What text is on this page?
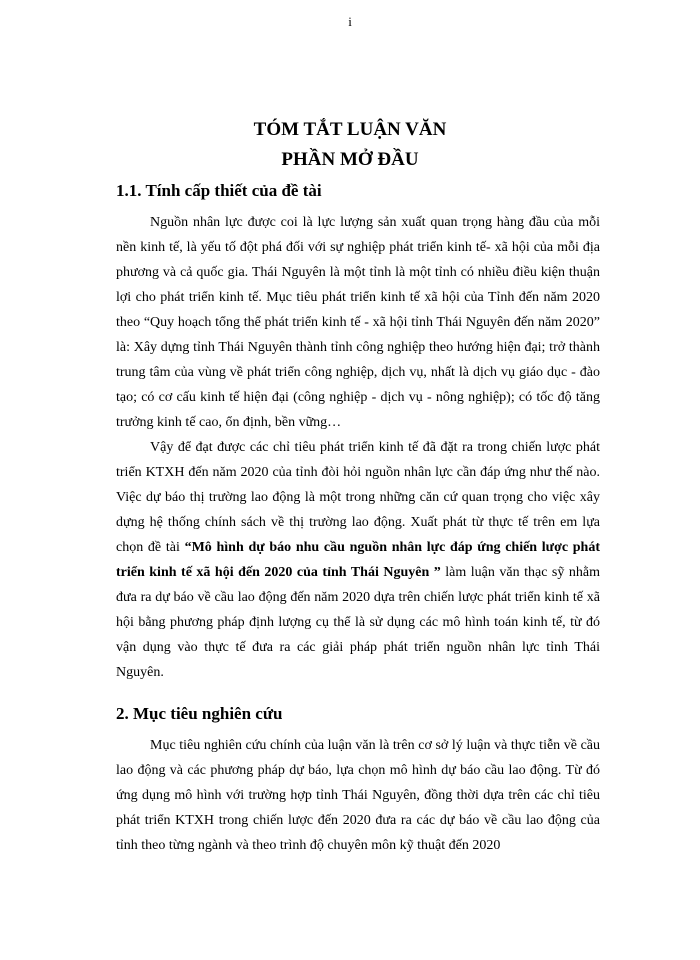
i
TÓM TẮT LUẬN VĂN
PHẦN MỞ ĐẦU
1.1. Tính cấp thiết của đề tài

Nguồn nhân lực được coi là lực lượng sản xuất quan trọng hàng đầu của mỗi nền kinh tế, là yếu tố đột phá đối với sự nghiệp phát triển kinh tế- xã hội của mỗi địa phương và cả quốc gia. Thái Nguyên là một tỉnh là một tỉnh có nhiều điều kiện thuận lợi cho phát triển kinh tế. Mục tiêu phát triển kinh tế xã hội của Tỉnh đến năm 2020 theo “Quy hoạch tổng thể phát triển kinh tế - xã hội tỉnh Thái Nguyên đến năm 2020” là: Xây dựng tỉnh Thái Nguyên thành tỉnh công nghiệp theo hướng hiện đại; trở thành trung tâm của vùng về phát triển công nghiệp, dịch vụ, nhất là dịch vụ giáo dục - đào tạo; có cơ cấu kinh tế hiện đại (công nghiệp - dịch vụ - nông nghiệp); có tốc độ tăng trưởng kinh tế cao, ổn định, bền vững…

Vậy để đạt được các chỉ tiêu phát triển kinh tế đã đặt ra trong chiến lược phát triển KTXH đến năm 2020 của tỉnh đòi hỏi nguồn nhân lực cần đáp ứng như thế nào. Việc dự báo thị trường lao động là một trong những căn cứ quan trọng cho việc xây dựng hệ thống chính sách về thị trường lao động. Xuất phát từ thực tế trên em lựa chọn đề tài “Mô hình dự báo nhu cầu nguồn nhân lực đáp ứng chiến lược phát triển kinh tế xã hội đến 2020 của tỉnh Thái Nguyên ” làm luận văn thạc sỹ nhằm đưa ra dự báo về cầu lao động đến năm 2020 dựa trên chiến lược phát triển kinh tế xã hội bằng phương pháp định lượng cụ thể là sử dụng các mô hình toán kinh tế, từ đó vận dụng vào thực tế đưa ra các giải pháp phát triển nguồn nhân lực tỉnh Thái Nguyên.

2. Mục tiêu nghiên cứu

Mục tiêu nghiên cứu chính của luận văn là trên cơ sở lý luận và thực tiễn về cầu lao động và các phương pháp dự báo, lựa chọn mô hình dự báo cầu lao động. Từ đó ứng dụng mô hình với trường hợp tỉnh Thái Nguyên, đồng thời dựa trên các chỉ tiêu phát triển KTXH trong chiến lược đến 2020 đưa ra các dự báo về cầu lao động của tỉnh theo từng ngành và theo trình độ chuyên môn kỹ thuật đến 2020
